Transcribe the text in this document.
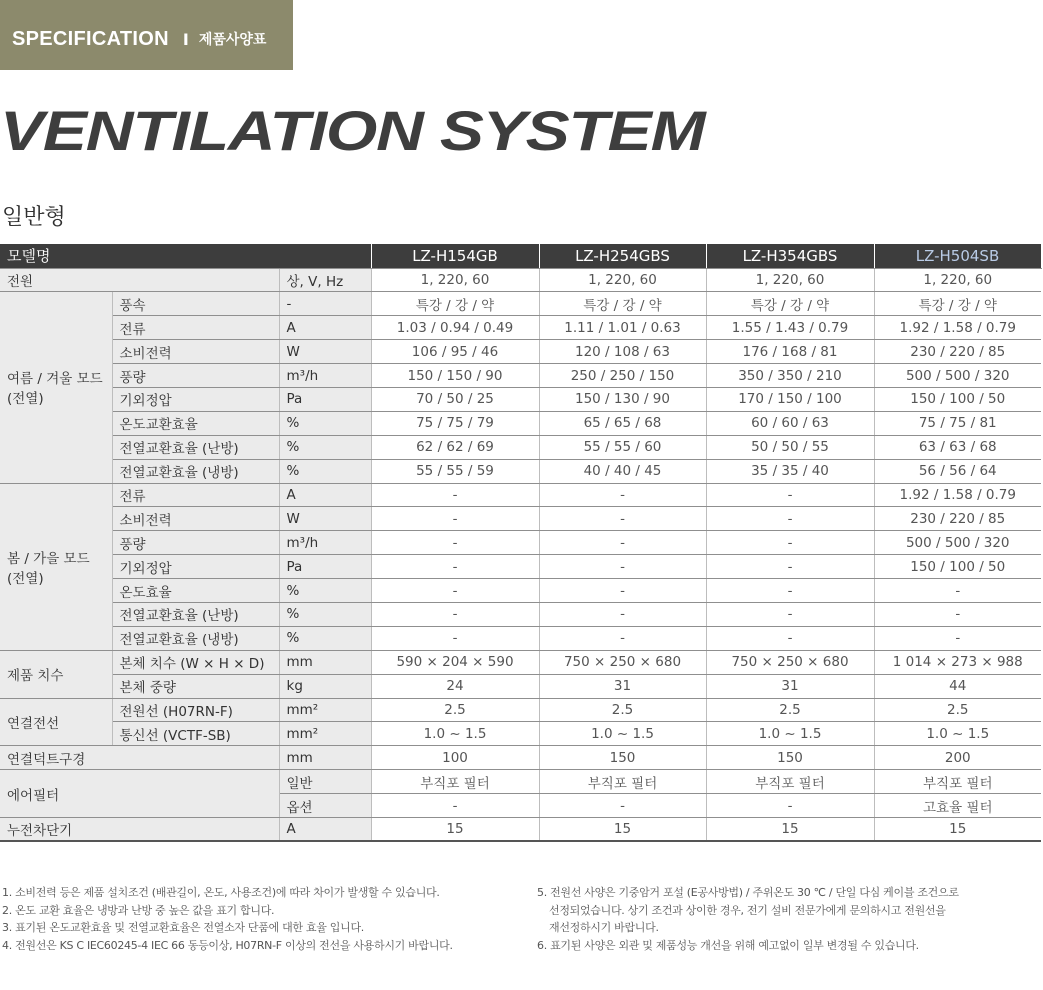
SPECIFICATION I 제품사양표
VENTILATION SYSTEM
일반형
모델명			LZ-H154GB	LZ-H254GBS	LZ-H354GBS	LZ-H504SB
전원		상, V, Hz	1, 220, 60	1, 220, 60	1, 220, 60	1, 220, 60

여름 / 겨울 모드
(전열)	풍속	-	특강 / 강 / 약	특강 / 강 / 약	특강 / 강 / 약	특강 / 강 / 약
	전류	A	1.03 / 0.94 / 0.49	1.11 / 1.01 / 0.63	1.55 / 1.43 / 0.79	1.92 / 1.58 / 0.79
	소비전력	W	106 / 95 / 46	120 / 108 / 63	176 / 168 / 81	230 / 220 / 85
	풍량	m³/h	150 / 150 / 90	250 / 250 / 150	350 / 350 / 210	500 / 500 / 320
	기외정압	Pa	70 / 50 / 25	150 / 130 / 90	170 / 150 / 100	150 / 100 / 50
	온도교환효율	%	75 / 75 / 79	65 / 65 / 68	60 / 60 / 63	75 / 75 / 81
	전열교환효율 (난방)	%	62 / 62 / 69	55 / 55 / 60	50 / 50 / 55	63 / 63 / 68
	전열교환효율 (냉방)	%	55 / 55 / 59	40 / 40 / 45	35 / 35 / 40	56 / 56 / 64

봄 / 가을 모드
(전열)	전류	A	-	-	-	1.92 / 1.58 / 0.79
	소비전력	W	-	-	-	230 / 220 / 85
	풍량	m³/h	-	-	-	500 / 500 / 320
	기외정압	Pa	-	-	-	150 / 100 / 50
	온도효율	%	-	-	-	-
	전열교환효율 (난방)	%	-	-	-	-
	전열교환효율 (냉방)	%	-	-	-	-
제품 치수	본체 치수 (W × H × D)	mm	590 × 204 × 590	750 × 250 × 680	750 × 250 × 680	1 014 × 273 × 988
	본체 중량	kg	24	31	31	44
연결전선	전원선 (H07RN-F)	mm²	2.5	2.5	2.5	2.5
	통신선 (VCTF-SB)	mm²	1.0 ~ 1.5	1.0 ~ 1.5	1.0 ~ 1.5	1.0 ~ 1.5
연결덕트구경		mm	100	150	150	200
에어필터		일반	부직포 필터	부직포 필터	부직포 필터	부직포 필터
		옵션	-	-	-	고효율 필터
누전차단기		A	15	15	15	15
1. 소비전력 등은 제품 설치조건 (배관길이, 온도, 사용조건)에 따라 차이가 발생할 수 있습니다.
2. 온도 교환 효율은 냉방과 난방 중 높은 값을 표기 합니다.
3. 표기된 온도교환효율 및 전열교환효율은 전열소자 단품에 대한 효율 입니다.
4. 전원선은 KS C IEC60245-4 IEC 66 동등이상, H07RN-F 이상의 전선을 사용하시기 바랍니다.
5. 전원선 사양은 기중암거 포설 (E공사방법) / 주위온도 30 ℃ / 단일 다심 케이블 조건으로
선정되었습니다. 상기 조건과 상이한 경우, 전기 설비 전문가에게 문의하시고 전원선을
재선정하시기 바랍니다.
6. 표기된 사양은 외관 및 제품성능 개선을 위해 예고없이 일부 변경될 수 있습니다.
